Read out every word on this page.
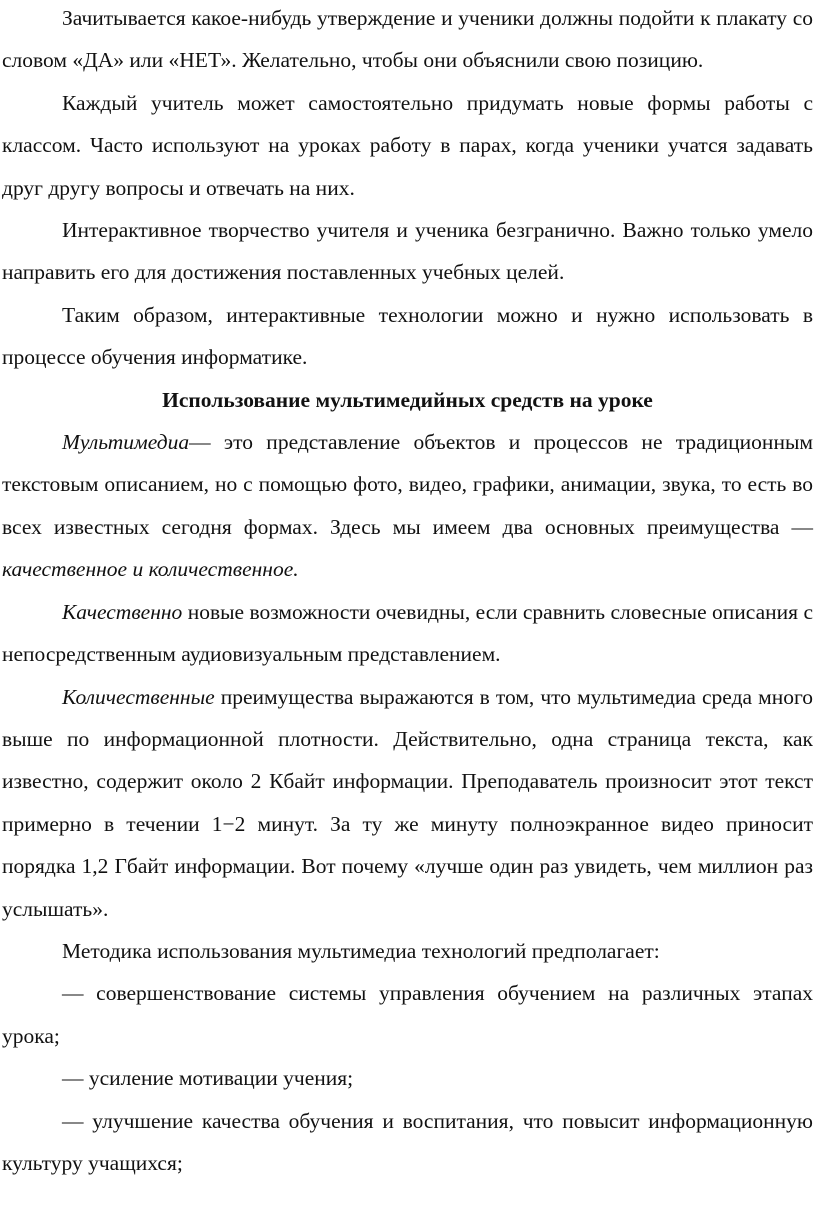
Зачитывается какое-нибудь утверждение и ученики должны подойти к плакату со словом «ДА» или «НЕТ». Желательно, чтобы они объяснили свою позицию.

Каждый учитель может самостоятельно придумать новые формы работы с классом. Часто используют на уроках работу в парах, когда ученики учатся задавать друг другу вопросы и отвечать на них.

Интерактивное творчество учителя и ученика безгранично. Важно только умело направить его для достижения поставленных учебных целей.

Таким образом, интерактивные технологии можно и нужно использовать в процессе обучения информатике.

Использование мультимедийных средств на уроке

Мультимедиа— это представление объектов и процессов не традиционным текстовым описанием, но с помощью фото, видео, графики, анимации, звука, то есть во всех известных сегодня формах. Здесь мы имеем два основных преимущества — качественное и количественное.

Качественно новые возможности очевидны, если сравнить словесные описания с непосредственным аудиовизуальным представлением.

Количественные преимущества выражаются в том, что мультимедиа среда много выше по информационной плотности. Действительно, одна страница текста, как известно, содержит около 2 Кбайт информации. Преподаватель произносит этот текст примерно в течении 1−2 минут. За ту же минуту полноэкранное видео приносит порядка 1,2 Гбайт информации. Вот почему «лучше один раз увидеть, чем миллион раз услышать».

Методика использования мультимедиа технологий предполагает:

— совершенствование системы управления обучением на различных этапах урока;

— усиление мотивации учения;

— улучшение качества обучения и воспитания, что повысит информационную культуру учащихся;
